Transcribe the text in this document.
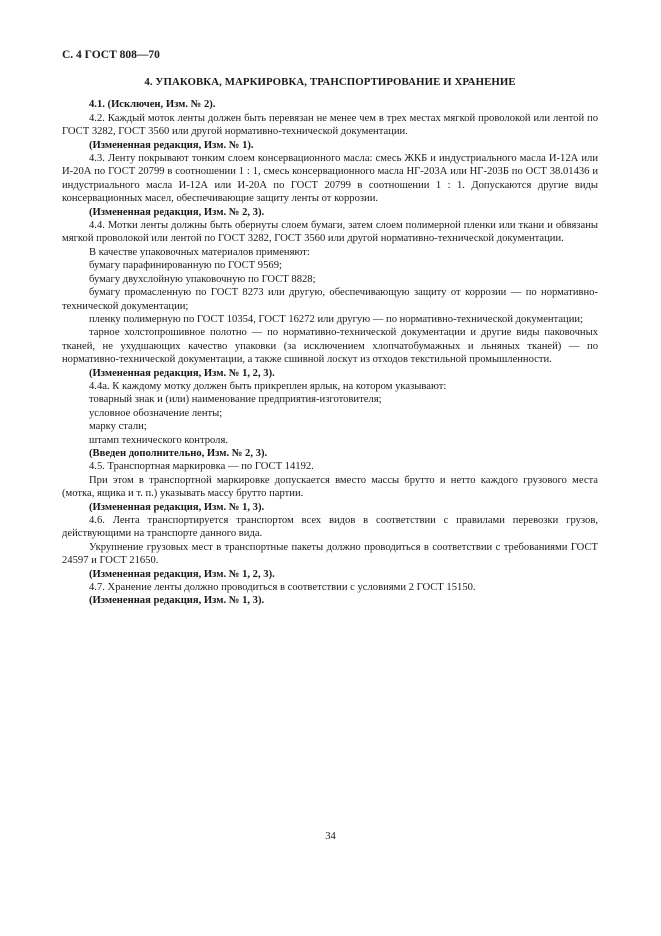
С. 4 ГОСТ 808—70
4. УПАКОВКА, МАРКИРОВКА, ТРАНСПОРТИРОВАНИЕ И ХРАНЕНИЕ

4.1. (Исключен, Изм. № 2).

4.2. Каждый моток ленты должен быть перевязан не менее чем в трех местах мягкой проволокой или лентой по ГОСТ 3282, ГОСТ 3560 или другой нормативно-технической документации.

(Измененная редакция, Изм. № 1).

4.3. Ленту покрывают тонким слоем консервационного масла: смесь ЖКБ и индустриального масла И-12А или И-20А по ГОСТ 20799 в соотношении 1 : 1, смесь консервационного масла НГ-203А или НГ-203Б по ОСТ 38.01436 и индустриального масла И-12А или И-20А по ГОСТ 20799 в соотношении 1 : 1. Допускаются другие виды консервационных масел, обеспечивающие защиту ленты от коррозии.

(Измененная редакция, Изм. № 2, 3).

4.4. Мотки ленты должны быть обернуты слоем бумаги, затем слоем полимерной пленки или ткани и обвязаны мягкой проволокой или лентой по ГОСТ 3282, ГОСТ 3560 или другой нормативно-технической документации.

В качестве упаковочных материалов применяют:

бумагу парафинированную по ГОСТ 9569;

бумагу двухслойную упаковочную по ГОСТ 8828;

бумагу промасленную по ГОСТ 8273 или другую, обеспечивающую защиту от коррозии — по нормативно-технической документации;

пленку полимерную по ГОСТ 10354, ГОСТ 16272 или другую — по нормативно-технической документации;

тарное холстопрошивное полотно — по нормативно-технической документации и другие виды паковочных тканей, не ухудшающих качество упаковки (за исключением хлопчатобумажных и льняных тканей) — по нормативно-технической документации, а также сшивной лоскут из отходов текстильной промышленности.

(Измененная редакция, Изм. № 1, 2, 3).

4.4а. К каждому мотку должен быть прикреплен ярлык, на котором указывают:

товарный знак и (или) наименование предприятия-изготовителя;

условное обозначение ленты;

марку стали;

штамп технического контроля.

(Введен дополнительно, Изм. № 2, 3).

4.5. Транспортная маркировка — по ГОСТ 14192.

При этом в транспортной маркировке допускается вместо массы брутто и нетто каждого грузового места (мотка, ящика и т. п.) указывать массу брутто партии.

(Измененная редакция, Изм. № 1, 3).

4.6. Лента транспортируется транспортом всех видов в соответствии с правилами перевозки грузов, действующими на транспорте данного вида.

Укрупнение грузовых мест в транспортные пакеты должно проводиться в соответствии с требованиями ГОСТ 24597 и ГОСТ 21650.

(Измененная редакция, Изм. № 1, 2, 3).

4.7. Хранение ленты должно проводиться в соответствии с условиями 2 ГОСТ 15150.

(Измененная редакция, Изм. № 1, 3).

34
